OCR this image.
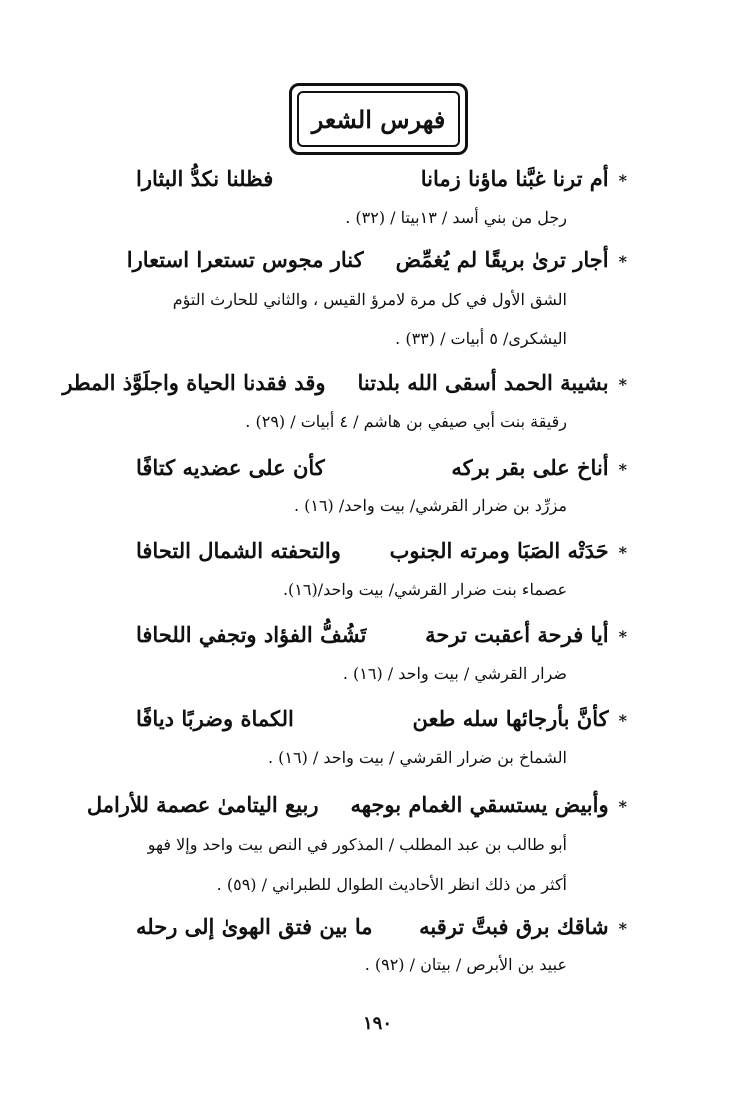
فهرس الشعر
*
أم ترنا غبَّنا ماؤنا زمانا
فظلنا نكدُّ البثارا
رجل من بني أسد / ١٣بيتا / (٣٢) .
*
أجار ترىٰ بريقًا لم يُغمِّض
كنار مجوس تستعرا استعارا
الشق الأول في كل مرة لامرؤ القيس ، والثاني للحارث التؤم
اليشكرى/ ٥ أبيات / (٣٣) .
*
بشيبة الحمد أسقى الله بلدتنا
وقد فقدنا الحياة واجلَوَّذ المطر
رقيقة بنت أبي صيفي بن هاشم / ٤ أبيات / (٢٩) .
*
أناخ على بقر بركه
كأن على عضديه كتافًا
مزرِّد بن ضرار القرشي/ بيت واحد/ (١٦) .
*
حَدَتْه الصَبَا ومرته الجنوب
والتحفته الشمال التحافا
عصماء بنت ضرار القرشي/ بيت واحد/(١٦).
*
أيا فرحة أعقبت ترحة
تَشُفُّ الفؤاد وتجفي اللحافا
ضرار القرشي / بيت واحد / (١٦) .
*
كأنَّ بأرجائها سله طعن
الكماة وضربًا ديافًا
الشماخ بن ضرار القرشي / بيت واحد / (١٦) .
*
وأبيض يستسقي الغمام بوجهه
ربيع اليتامىٰ عصمة للأرامل
أبو طالب بن عبد المطلب / المذكور في النص بيت واحد وإلا فهو
أكثر من ذلك انظر الأحاديث الطوال للطبراني / (٥٩) .
*
شاقك برق فبتَّ ترقبه
ما بين فتق الهوىٰ إلى رحله
عبيد بن الأبرص / بيتان / (٩٢) .
١٩٠
